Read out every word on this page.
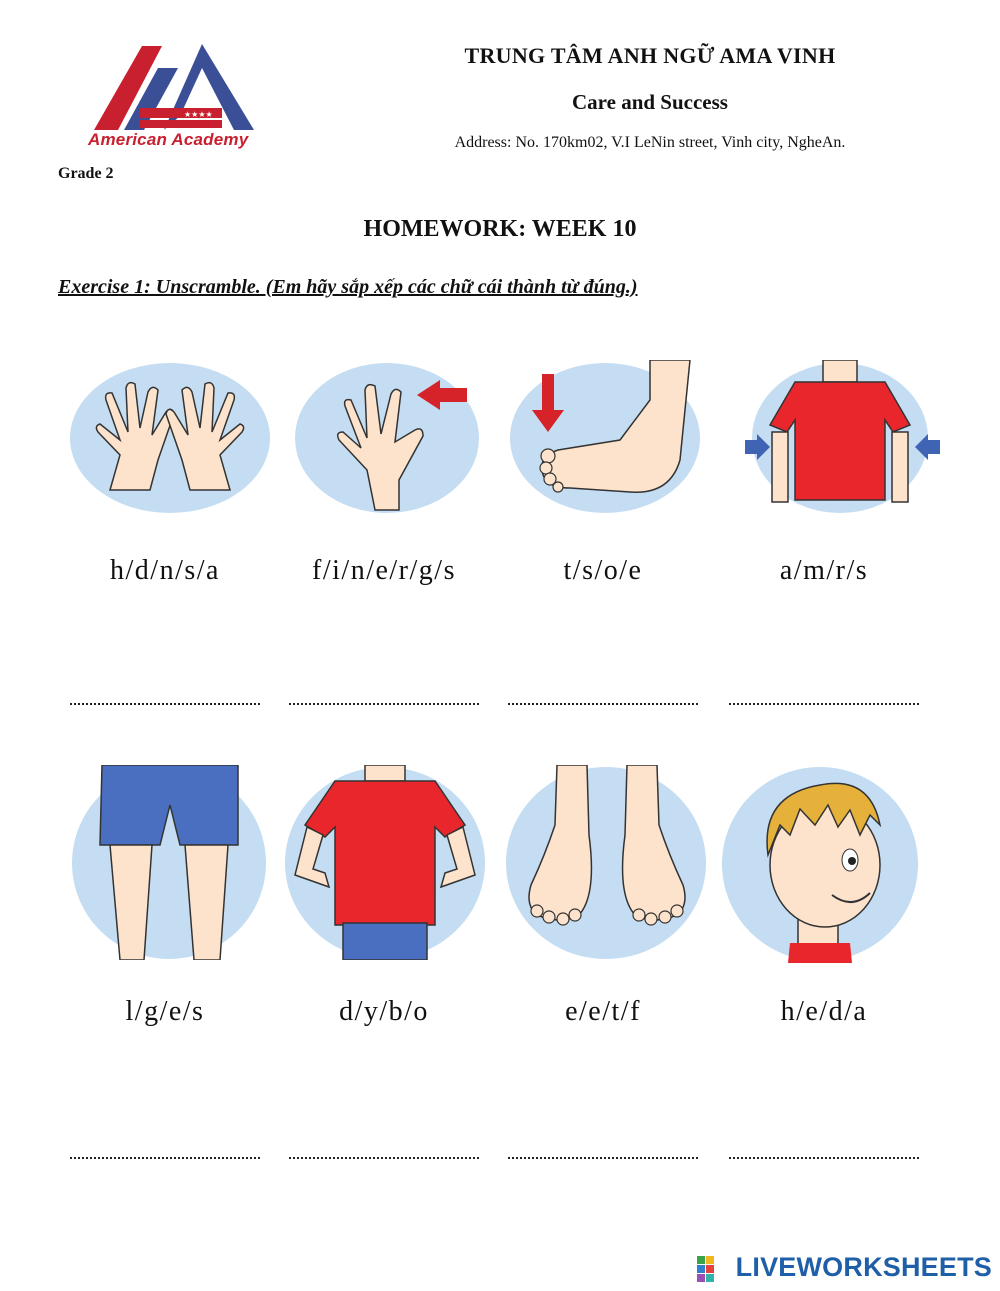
★★★★
American Academy
TRUNG TÂM ANH NGỮ AMA VINH
Care and Success
Address: No. 170km02, V.I LeNin street, Vinh city, NgheAn.
Grade 2
HOMEWORK: WEEK 10
Exercise 1: Unscramble. (Em hãy sắp xếp các chữ cái thành từ đúng.)
h/d/n/s/a	f/i/n/e/r/g/s	t/s/o/e	a/m/r/s
l/g/e/s	d/y/b/o	e/e/t/f	h/e/d/a
LIVEWORKSHEETS
